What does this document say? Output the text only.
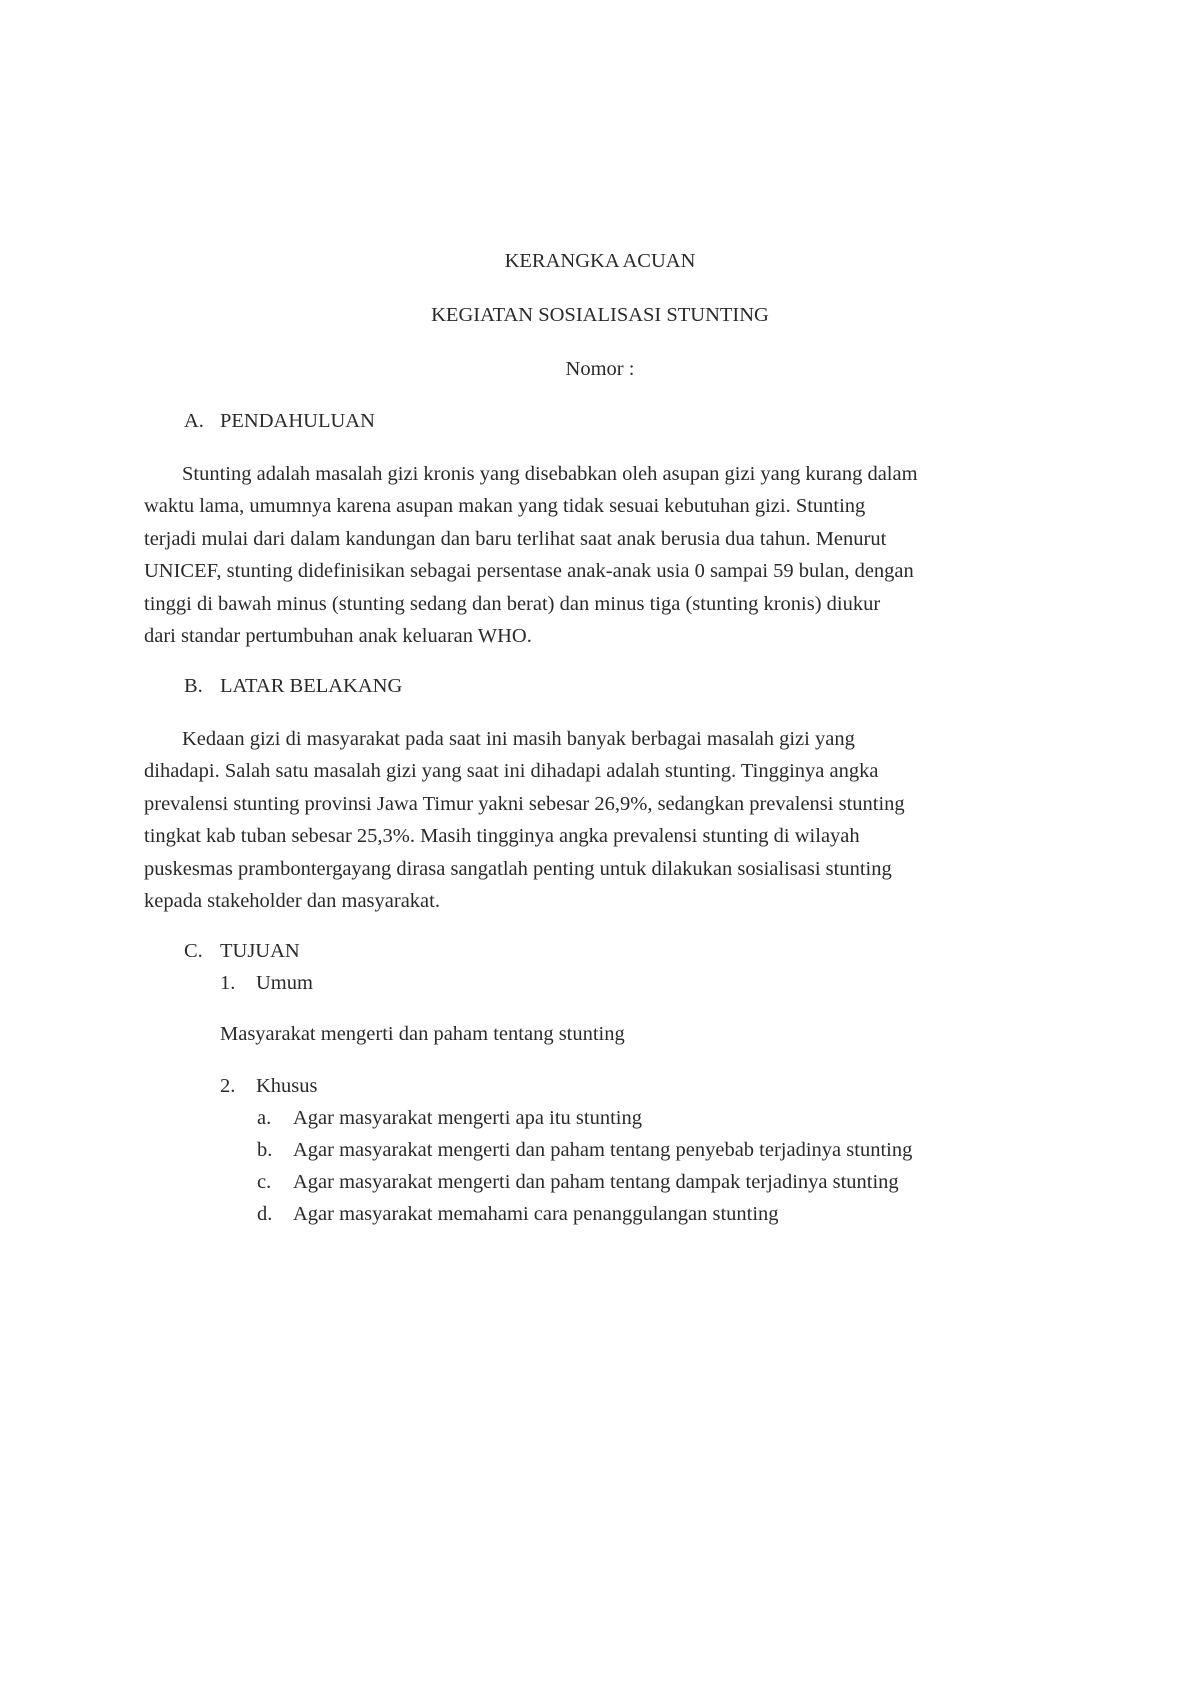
KERANGKA ACUAN
KEGIATAN SOSIALISASI STUNTING
Nomor :
A. PENDAHULUAN
Stunting adalah masalah gizi kronis yang disebabkan oleh asupan gizi yang kurang dalam
waktu lama, umumnya karena asupan makan yang tidak sesuai kebutuhan gizi. Stunting
terjadi mulai dari dalam kandungan dan baru terlihat saat anak berusia dua tahun. Menurut
UNICEF, stunting didefinisikan sebagai persentase anak-anak usia 0 sampai 59 bulan, dengan
tinggi di bawah minus (stunting sedang dan berat) dan minus tiga (stunting kronis) diukur
dari standar pertumbuhan anak keluaran WHO.
B. LATAR BELAKANG
Kedaan gizi di masyarakat pada saat ini masih banyak berbagai masalah gizi yang
dihadapi. Salah satu masalah gizi yang saat ini dihadapi adalah stunting. Tingginya angka
prevalensi stunting provinsi Jawa Timur yakni sebesar 26,9%, sedangkan prevalensi stunting
tingkat kab tuban sebesar 25,3%. Masih tingginya angka prevalensi stunting di wilayah
puskesmas prambontergayang dirasa sangatlah penting untuk dilakukan sosialisasi stunting
kepada stakeholder dan masyarakat.
C. TUJUAN
1. Umum
Masyarakat mengerti dan paham tentang stunting
2. Khusus
a. Agar masyarakat mengerti apa itu stunting
b. Agar masyarakat mengerti dan paham tentang penyebab terjadinya stunting
c. Agar masyarakat mengerti dan paham tentang dampak terjadinya stunting
d. Agar masyarakat memahami cara penanggulangan stunting
